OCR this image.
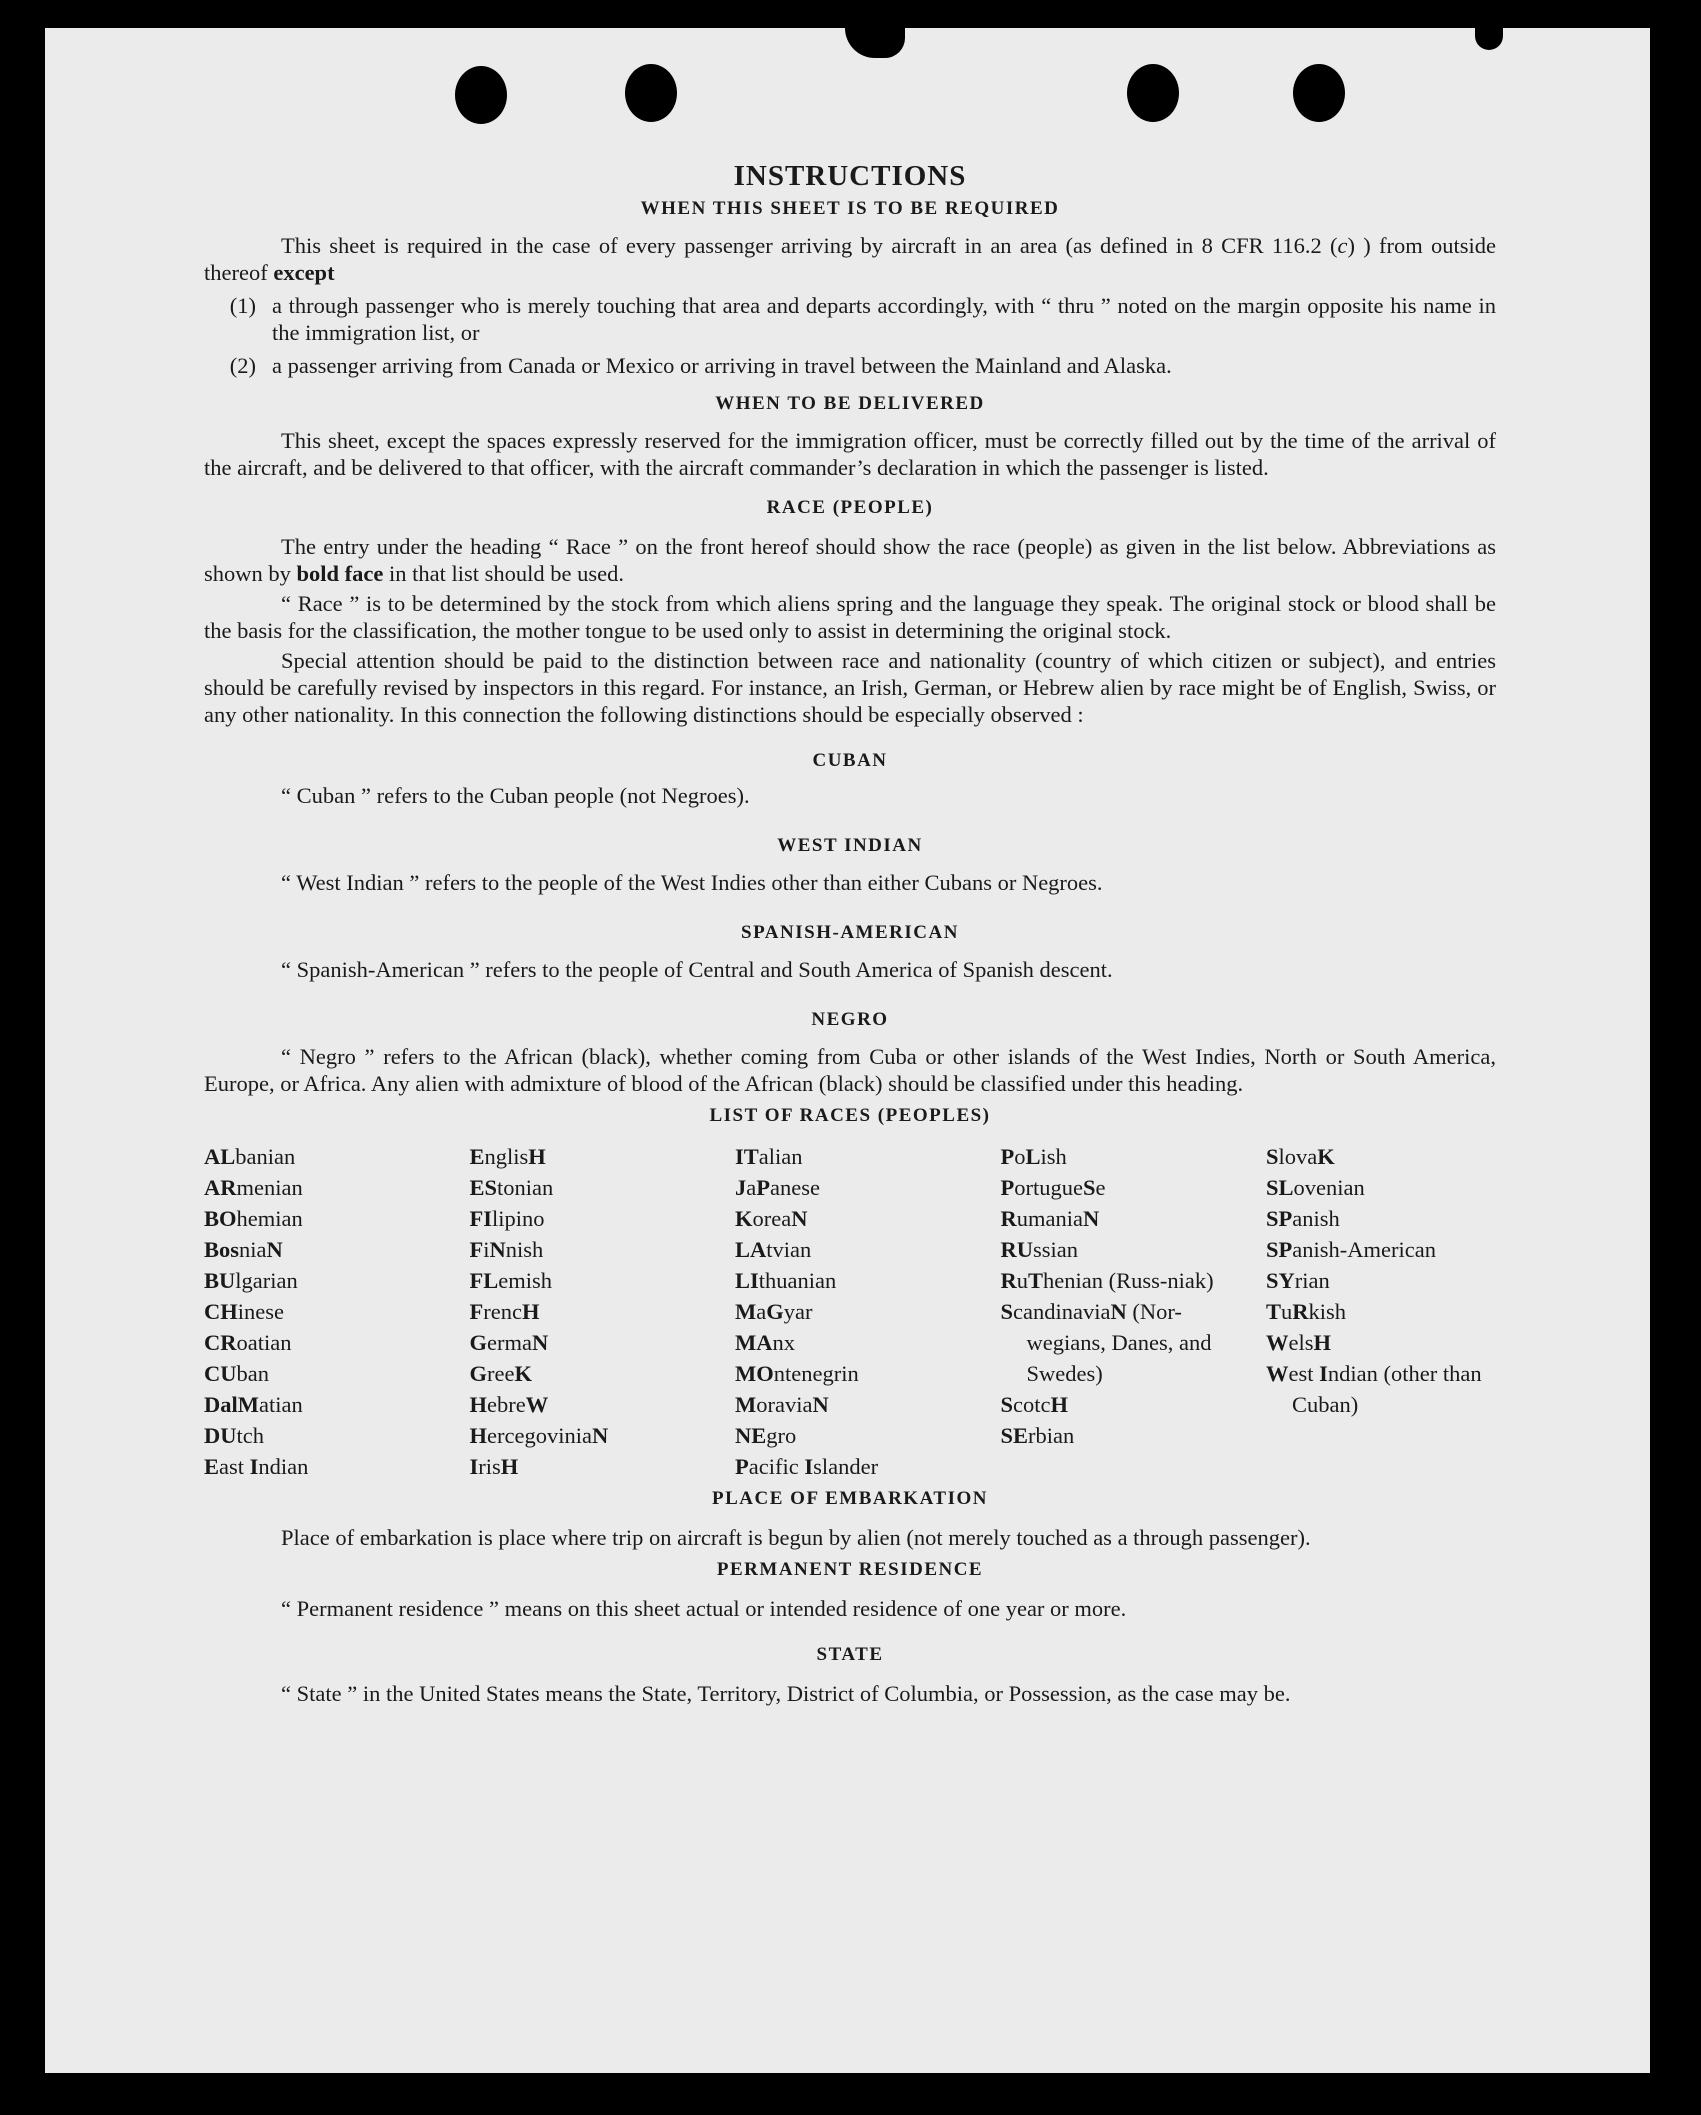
INSTRUCTIONS
WHEN THIS SHEET IS TO BE REQUIRED

This sheet is required in the case of every passenger arriving by aircraft in an area (as defined in 8 CFR 116.2 (c) ) from outside thereof except

(1) a through passenger who is merely touching that area and departs accordingly, with “ thru ” noted on the margin opposite his name in the immigration list, or
(2) a passenger arriving from Canada or Mexico or arriving in travel between the Mainland and Alaska.
WHEN TO BE DELIVERED

This sheet, except the spaces expressly reserved for the immigration officer, must be correctly filled out by the time of the arrival of the aircraft, and be delivered to that officer, with the aircraft commander’s declaration in which the passenger is listed.

RACE (PEOPLE)

The entry under the heading “ Race ” on the front hereof should show the race (people) as given in the list below. Abbreviations as shown by bold face in that list should be used.

“ Race ” is to be determined by the stock from which aliens spring and the language they speak. The original stock or blood shall be the basis for the classification, the mother tongue to be used only to assist in determining the original stock.

Special attention should be paid to the distinction between race and nationality (country of which citizen or subject), and entries should be carefully revised by inspectors in this regard. For instance, an Irish, German, or Hebrew alien by race might be of English, Swiss, or any other nationality. In this connection the following distinctions should be especially observed :

CUBAN

“ Cuban ” refers to the Cuban people (not Negroes).

WEST INDIAN

“ West Indian ” refers to the people of the West Indies other than either Cubans or Negroes.

SPANISH-AMERICAN

“ Spanish-American ” refers to the people of Central and South America of Spanish descent.

NEGRO

“ Negro ” refers to the African (black), whether coming from Cuba or other islands of the West Indies, North or South America, Europe, or Africa. Any alien with admixture of blood of the African (black) should be classified under this heading.

LIST OF RACES (PEOPLES)
ALbanian
ARmenian
BOhemian
BosniaN
BUlgarian
CHinese
CRoatian
CUban
DalMatian
DUtch
East Indian
EnglisH
EStonian
FIlipino
FiNnish
FLemish
FrencH
GermaN
GreeK
HebreW
HercegoviniaN
IrisH
ITalian
JaPanese
KoreaN
LAtvian
LIthuanian
MaGyar
MAnx
MOntenegrin
MoraviaN
NEgro
Pacific Islander
PoLish
PortugueSe
RumaniaN
RUssian
RuThenian (Russ-niak)
ScandinaviaN (Nor-wegians, Danes, and Swedes)
ScotcH
SErbian
SlovaK
SLovenian
SPanish
SPanish-American
SYrian
TuRkish
WelsH
West Indian (other than Cuban)
PLACE OF EMBARKATION

Place of embarkation is place where trip on aircraft is begun by alien (not merely touched as a through passenger).

PERMANENT RESIDENCE

“ Permanent residence ” means on this sheet actual or intended residence of one year or more.

STATE

“ State ” in the United States means the State, Territory, District of Columbia, or Possession, as the case may be.
